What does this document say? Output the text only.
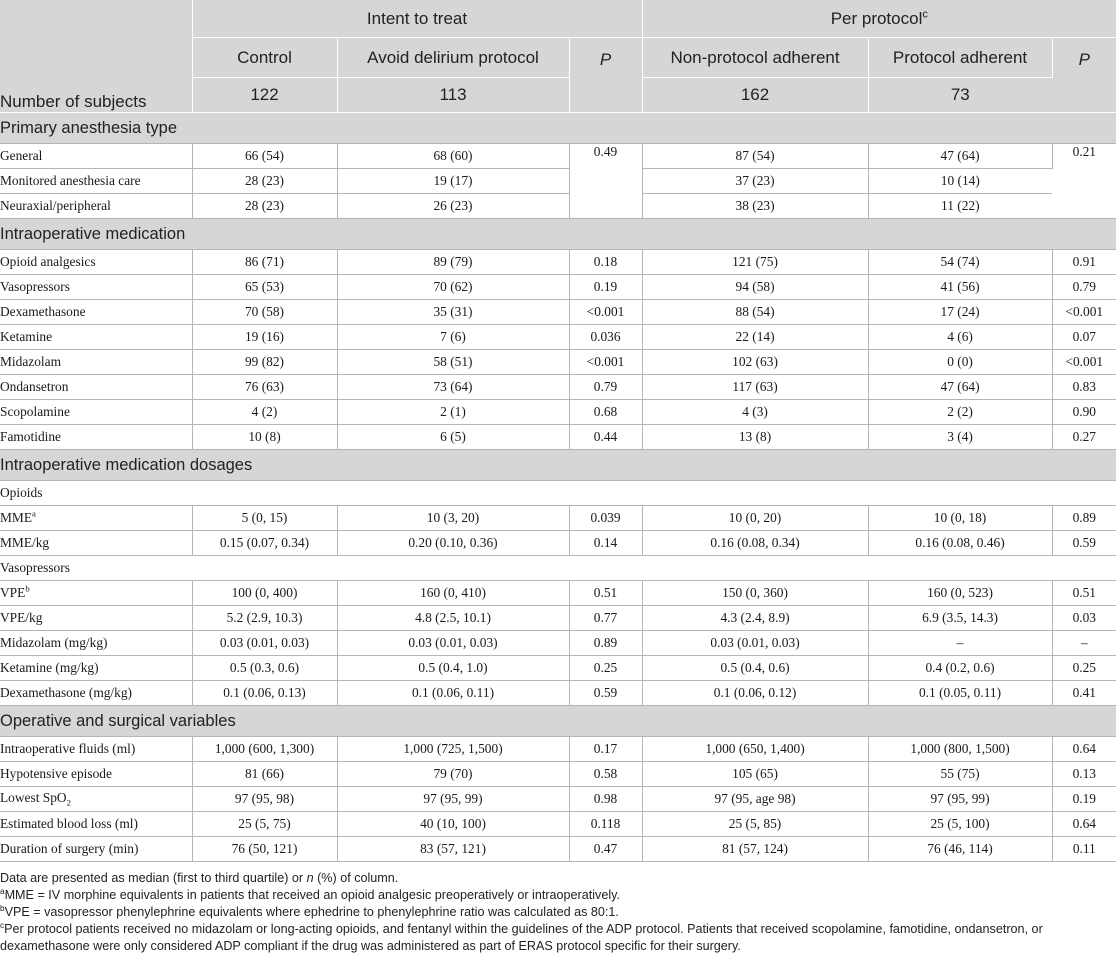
Number of subjects	Intent to treat			Per protocol$^c$
	Control	Avoid delirium protocol	P	Non-protocol adherent	Protocol adherent	P
	122	113		162	73	
Primary anesthesia type						
General	66 (54)	68 (60)	0.49	87 (54)	47 (64)	0.21
Monitored anesthesia care	28 (23)	19 (17)		37 (23)	10 (14)	
Neuraxial/peripheral	28 (23)	26 (23)		38 (23)	11 (22)	
Intraoperative medication						
Opioid analgesics	86 (71)	89 (79)	0.18	121 (75)	54 (74)	0.91
Vasopressors	65 (53)	70 (62)	0.19	94 (58)	41 (56)	0.79
Dexamethasone	70 (58)	35 (31)	<0.001	88 (54)	17 (24)	<0.001
Ketamine	19 (16)	7 (6)	0.036	22 (14)	4 (6)	0.07
Midazolam	99 (82)	58 (51)	<0.001	102 (63)	0 (0)	<0.001
Ondansetron	76 (63)	73 (64)	0.79	117 (63)	47 (64)	0.83
Scopolamine	4 (2)	2 (1)	0.68	4 (3)	2 (2)	0.90
Famotidine	10 (8)	6 (5)	0.44	13 (8)	3 (4)	0.27
Intraoperative medication dosages						
Opioids						
MME$^a$	5 (0, 15)	10 (3, 20)	0.039	10 (0, 20)	10 (0, 18)	0.89
MME/kg	0.15 (0.07, 0.34)	0.20 (0.10, 0.36)	0.14	0.16 (0.08, 0.34)	0.16 (0.08, 0.46)	0.59
Vasopressors						
VPE$^b$	100 (0, 400)	160 (0, 410)	0.51	150 (0, 360)	160 (0, 523)	0.51
VPE/kg	5.2 (2.9, 10.3)	4.8 (2.5, 10.1)	0.77	4.3 (2.4, 8.9)	6.9 (3.5, 14.3)	0.03
Midazolam (mg/kg)	0.03 (0.01, 0.03)	0.03 (0.01, 0.03)	0.89	0.03 (0.01, 0.03)	–	–
Ketamine (mg/kg)	0.5 (0.3, 0.6)	0.5 (0.4, 1.0)	0.25	0.5 (0.4, 0.6)	0.4 (0.2, 0.6)	0.25
Dexamethasone (mg/kg)	0.1 (0.06, 0.13)	0.1 (0.06, 0.11)	0.59	0.1 (0.06, 0.12)	0.1 (0.05, 0.11)	0.41
Operative and surgical variables						
Intraoperative fluids (ml)	1,000 (600, 1,300)	1,000 (725, 1,500)	0.17	1,000 (650, 1,400)	1,000 (800, 1,500)	0.64
Hypotensive episode	81 (66)	79 (70)	0.58	105 (65)	55 (75)	0.13
Lowest SpO$_2$	97 (95, 98)	97 (95, 99)	0.98	97 (95, age 98)	97 (95, 99)	0.19
Estimated blood loss (ml)	25 (5, 75)	40 (10, 100)	0.118	25 (5, 85)	25 (5, 100)	0.64
Duration of surgery (min)	76 (50, 121)	83 (57, 121)	0.47	81 (57, 124)	76 (46, 114)	0.11

Data are presented as median (first to third quartile) or n (%) of column.

$^a$MME = IV morphine equivalents in patients that received an opioid analgesic preoperatively or intraoperatively.

$^b$VPE = vasopressor phenylephrine equivalents where ephedrine to phenylephrine ratio was calculated as 80:1.

$^c$Per protocol patients received no midazolam or long-acting opioids, and fentanyl within the guidelines of the ADP protocol. Patients that received scopolamine, famotidine, ondansetron, or dexamethasone were only considered ADP compliant if the drug was administered as part of ERAS protocol specific for their surgery.
